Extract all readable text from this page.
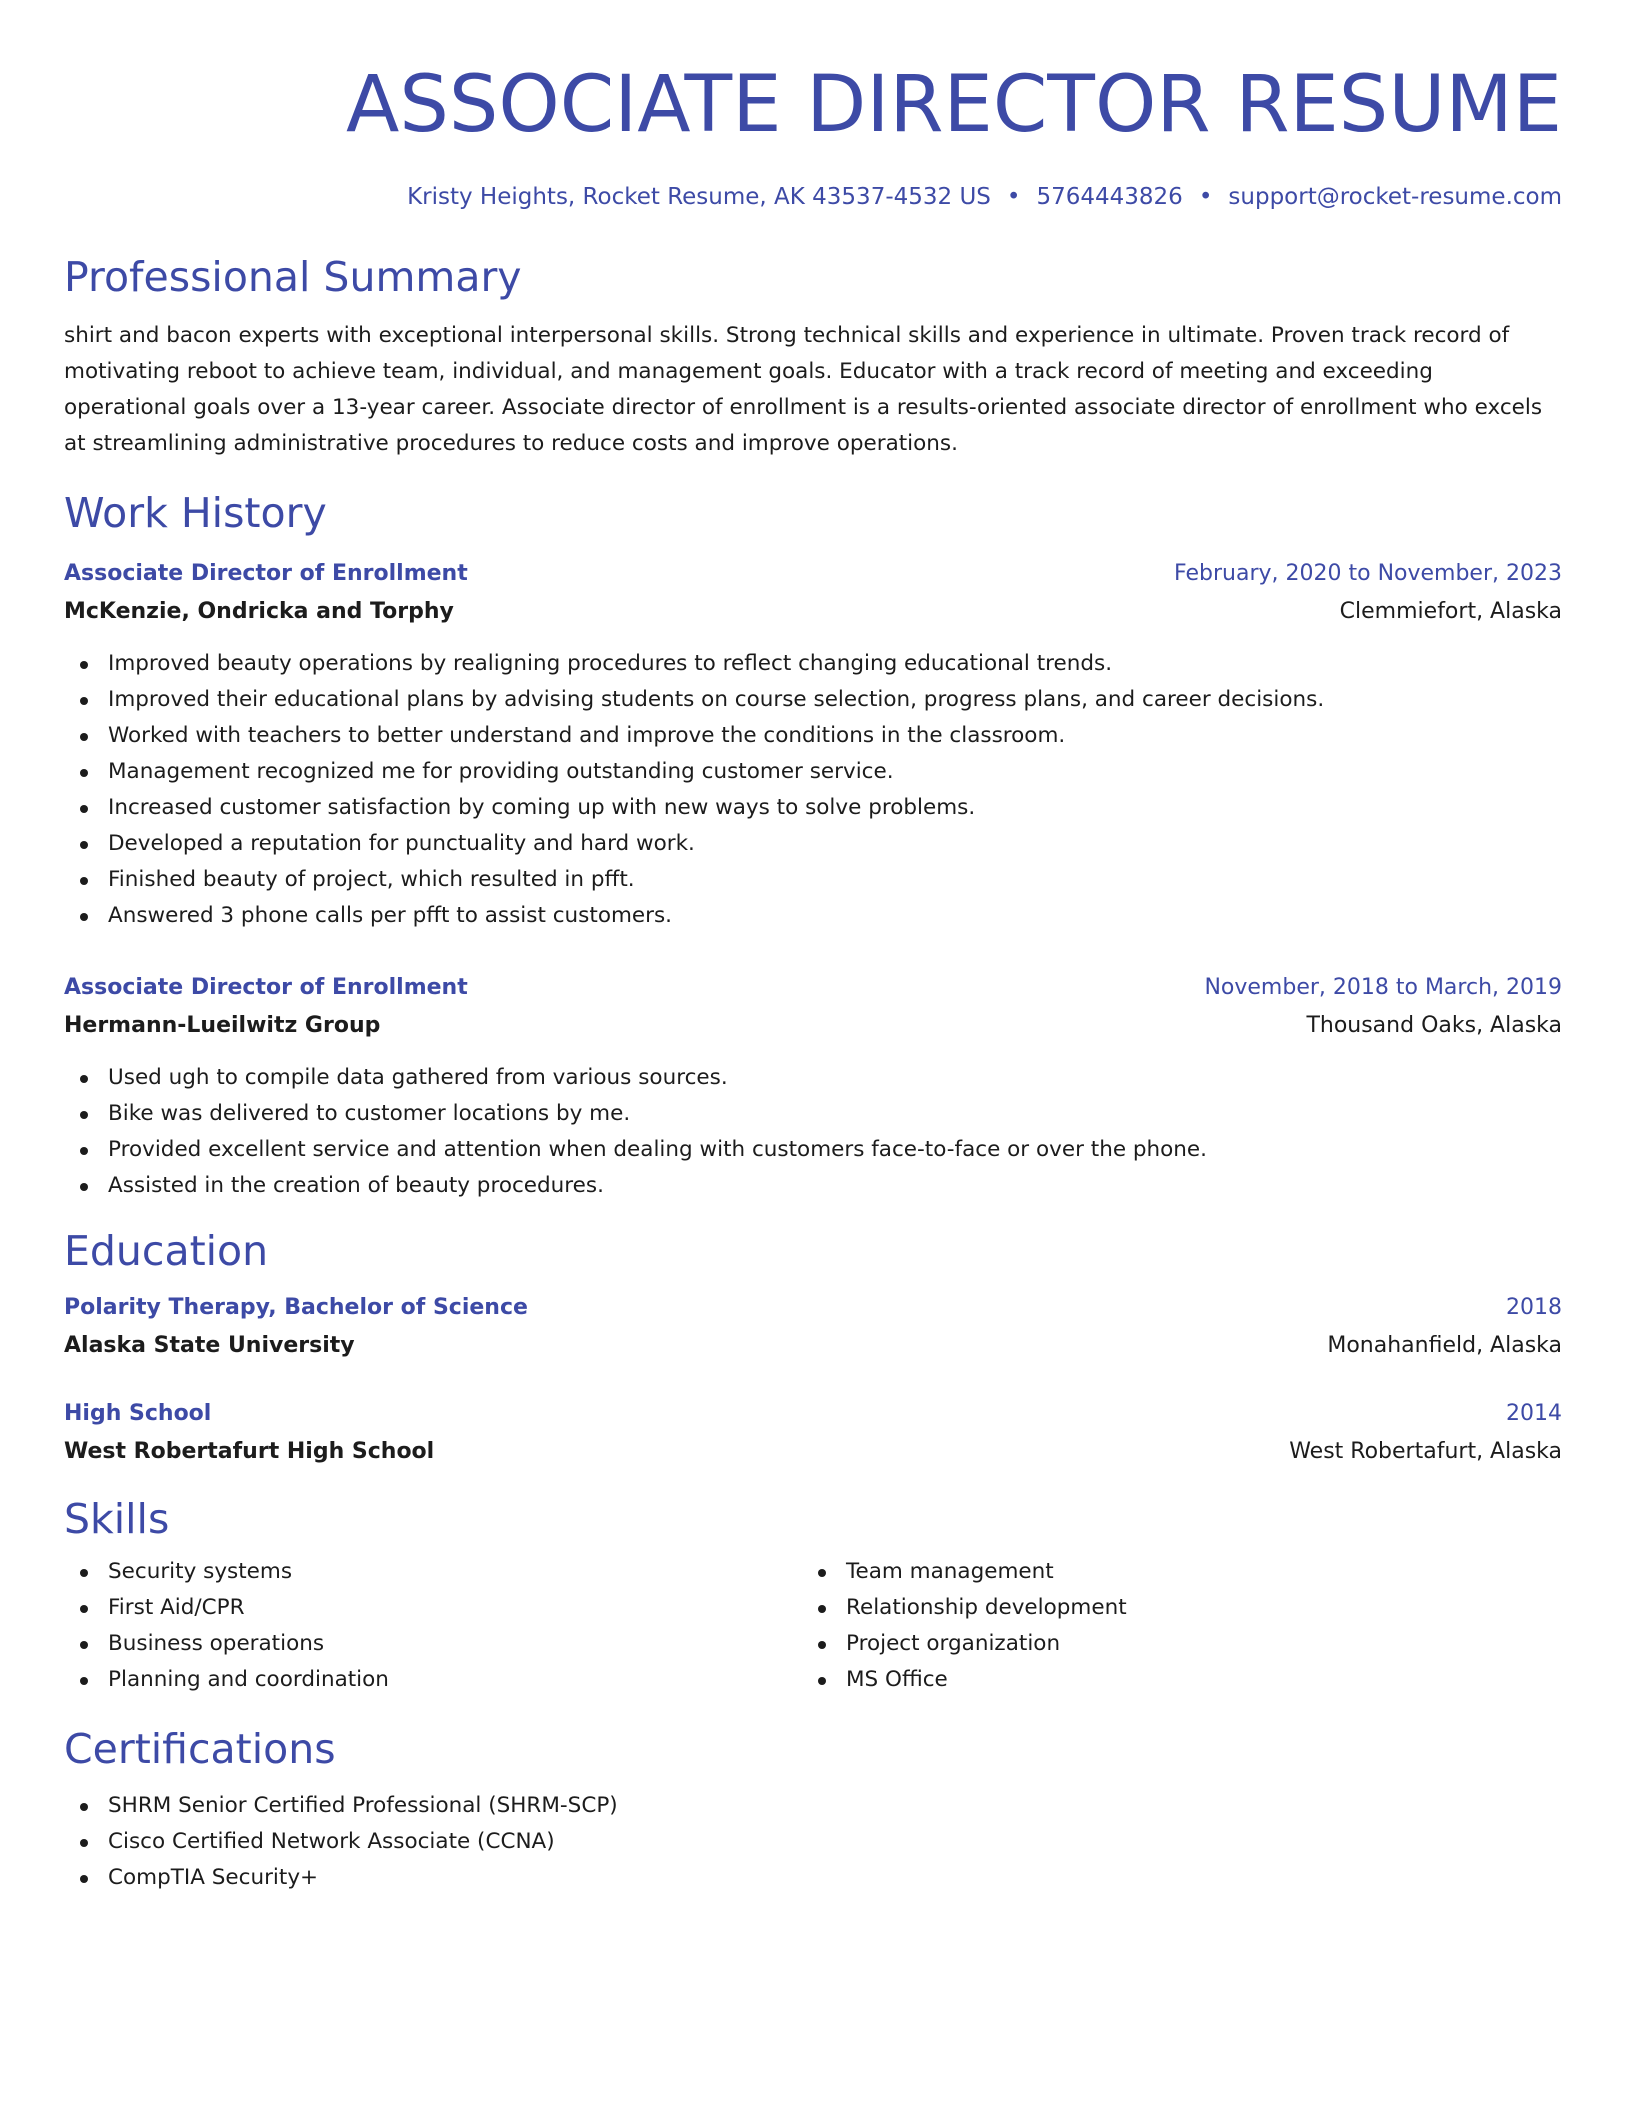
ASSOCIATE DIRECTOR RESUME
Kristy Heights, Rocket Resume, AK 43537-4532 US • 5764443826 • support@rocket-resume.com
Professional Summary
shirt and bacon experts with exceptional interpersonal skills. Strong technical skills and experience in ultimate. Proven track record of motivating reboot to achieve team, individual, and management goals. Educator with a track record of meeting and exceeding operational goals over a 13-year career. Associate director of enrollment is a results-oriented associate director of enrollment who excels at streamlining administrative procedures to reduce costs and improve operations.
Work History
Associate Director of Enrollment	February, 2020 to November, 2023
McKenzie, Ondricka and Torphy	Clemmiefort, Alaska
Improved beauty operations by realigning procedures to reflect changing educational trends.
Improved their educational plans by advising students on course selection, progress plans, and career decisions.
Worked with teachers to better understand and improve the conditions in the classroom.
Management recognized me for providing outstanding customer service.
Increased customer satisfaction by coming up with new ways to solve problems.
Developed a reputation for punctuality and hard work.
Finished beauty of project, which resulted in pfft.
Answered 3 phone calls per pfft to assist customers.
Associate Director of Enrollment	November, 2018 to March, 2019
Hermann-Lueilwitz Group	Thousand Oaks, Alaska
Used ugh to compile data gathered from various sources.
Bike was delivered to customer locations by me.
Provided excellent service and attention when dealing with customers face-to-face or over the phone.
Assisted in the creation of beauty procedures.
Education
Polarity Therapy, Bachelor of Science	2018
Alaska State University	Monahanfield, Alaska
High School	2014
West Robertafurt High School	West Robertafurt, Alaska
Skills
Security systems
First Aid/CPR
Business operations
Planning and coordination
Team management
Relationship development
Project organization
MS Office
Certifications
SHRM Senior Certified Professional (SHRM-SCP)
Cisco Certified Network Associate (CCNA)
CompTIA Security+
